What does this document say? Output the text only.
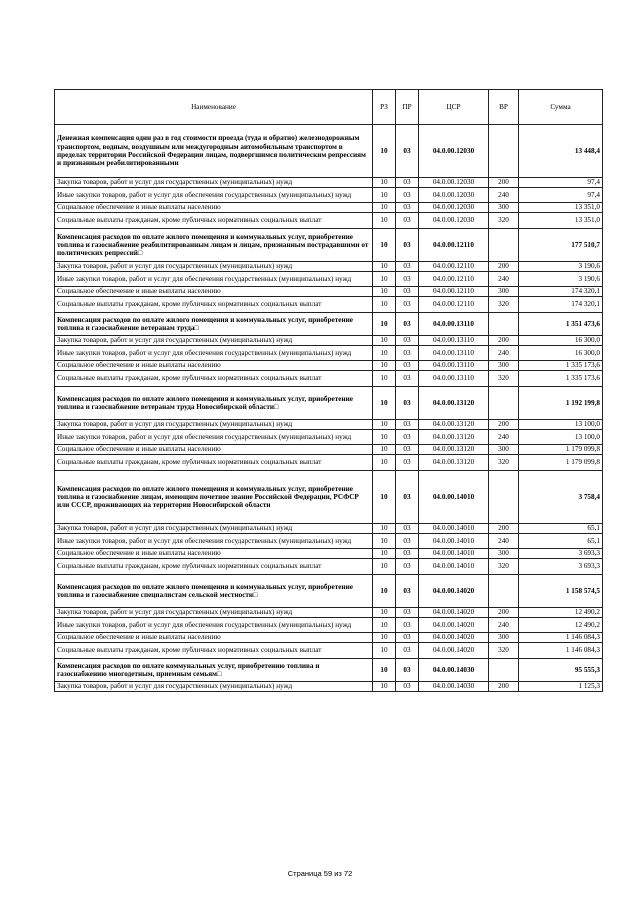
Наименование	РЗ	ПР	ЦСР	ВР	Сумма
Денежная компенсация один раз в год стоимости проезда (туда и обратно) железнодорожным транспортом, водным, воздушным или междугородным автомобильным транспортом в пределах территории Российской Федерации лицам, подвергшимся политическим репрессиям и признанным реабилитированными	10	03	04.0.00.12030		13 448,4
Закупка товаров, работ и услуг для государственных (муниципальных) нужд	10	03	04.0.00.12030	200	97,4
Иные закупки товаров, работ и услуг для обеспечения государственных (муниципальных) нужд	10	03	04.0.00.12030	240	97,4
Социальное обеспечение и иные выплаты населению	10	03	04.0.00.12030	300	13 351,0
Социальные выплаты гражданам, кроме публичных нормативных социальных выплат	10	03	04.0.00.12030	320	13 351,0
Компенсация расходов по оплате жилого помещения и коммунальных услуг, приобретение топлива и газоснабжение реабилитированным лицам и лицам, признанным пострадавшими от политических репрессий□	10	03	04.0.00.12110		177 510,7
Закупка товаров, работ и услуг для государственных (муниципальных) нужд	10	03	04.0.00.12110	200	3 190,6
Иные закупки товаров, работ и услуг для обеспечения государственных (муниципальных) нужд	10	03	04.0.00.12110	240	3 190,6
Социальное обеспечение и иные выплаты населению	10	03	04.0.00.12110	300	174 320,1
Социальные выплаты гражданам, кроме публичных нормативных социальных выплат	10	03	04.0.00.12110	320	174 320,1
Компенсация расходов по оплате жилого помещения и коммунальных услуг, приобретение топлива и газоснабжение ветеранам труда□	10	03	04.0.00.13110		1 351 473,6
Закупка товаров, работ и услуг для государственных (муниципальных) нужд	10	03	04.0.00.13110	200	16 300,0
Иные закупки товаров, работ и услуг для обеспечения государственных (муниципальных) нужд	10	03	04.0.00.13110	240	16 300,0
Социальное обеспечение и иные выплаты населению	10	03	04.0.00.13110	300	1 335 173,6
Социальные выплаты гражданам, кроме публичных нормативных социальных выплат	10	03	04.0.00.13110	320	1 335 173,6
Компенсация расходов по оплате жилого помещения и коммунальных услуг, приобретение топлива и газоснабжение ветеранам труда Новосибирской области□	10	03	04.0.00.13120		1 192 199,8
Закупка товаров, работ и услуг для государственных (муниципальных) нужд	10	03	04.0.00.13120	200	13 100,0
Иные закупки товаров, работ и услуг для обеспечения государственных (муниципальных) нужд	10	03	04.0.00.13120	240	13 100,0
Социальное обеспечение и иные выплаты населению	10	03	04.0.00.13120	300	1 179 099,8
Социальные выплаты гражданам, кроме публичных нормативных социальных выплат	10	03	04.0.00.13120	320	1 179 099,8
Компенсация расходов по оплате жилого помещения и коммунальных услуг, приобретение топлива и газоснабжение лицам, имеющим почетное звание Российской Федерации, РСФСР или СССР, проживающих на территории Новосибирской области	10	03	04.0.00.14010		3 758,4
Закупка товаров, работ и услуг для государственных (муниципальных) нужд	10	03	04.0.00.14010	200	65,1
Иные закупки товаров, работ и услуг для обеспечения государственных (муниципальных) нужд	10	03	04.0.00.14010	240	65,1
Социальное обеспечение и иные выплаты населению	10	03	04.0.00.14010	300	3 693,3
Социальные выплаты гражданам, кроме публичных нормативных социальных выплат	10	03	04.0.00.14010	320	3 693,3
Компенсация расходов по оплате жилого помещения и коммунальных услуг, приобретение топлива и газоснабжение специалистам сельской местности□	10	03	04.0.00.14020		1 158 574,5
Закупка товаров, работ и услуг для государственных (муниципальных) нужд	10	03	04.0.00.14020	200	12 490,2
Иные закупки товаров, работ и услуг для обеспечения государственных (муниципальных) нужд	10	03	04.0.00.14020	240	12 490,2
Социальное обеспечение и иные выплаты населению	10	03	04.0.00.14020	300	1 146 084,3
Социальные выплаты гражданам, кроме публичных нормативных социальных выплат	10	03	04.0.00.14020	320	1 146 084,3
Компенсация расходов по оплате коммунальных услуг, приобретению топлива и газоснабжению многодетным, приемным семьям□	10	03	04.0.00.14030		95 555,3
Закупка товаров, работ и услуг для государственных (муниципальных) нужд	10	03	04.0.00.14030	200	1 125,3
Страница 59 из 72
